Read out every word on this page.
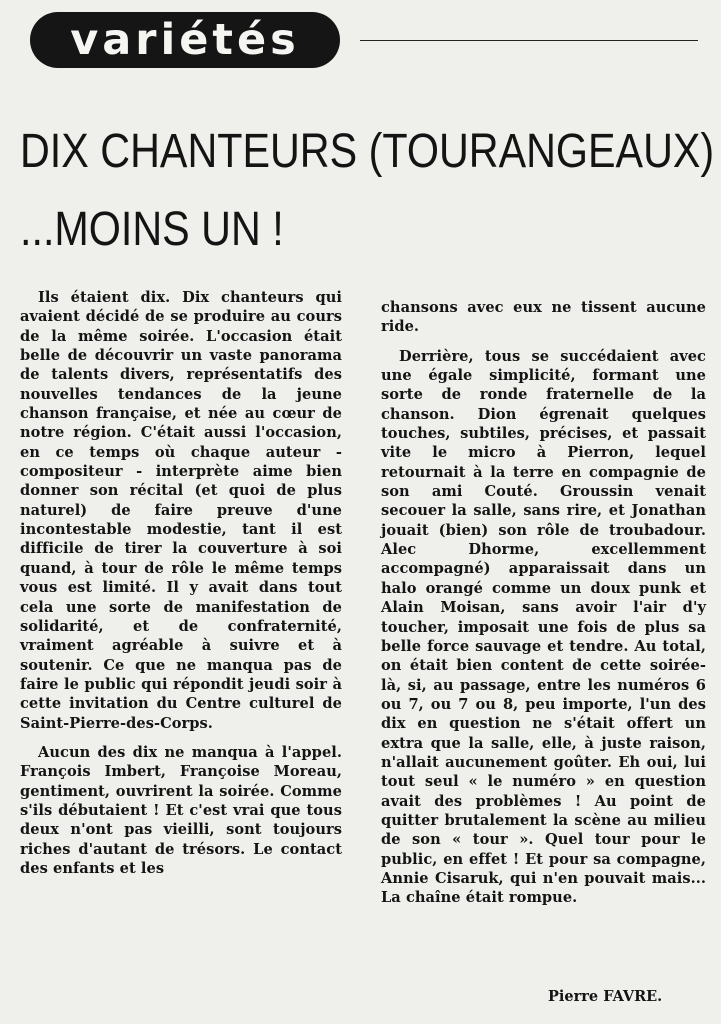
variétés
DIX CHANTEURS (TOURANGEAUX)
...MOINS UN !

Ils étaient dix. Dix chanteurs qui avaient décidé de se produire au cours de la même soirée. L'occasion était belle de découvrir un vaste panorama de talents divers, représentatifs des nouvelles tendances de la jeune chanson française, et née au cœur de notre région. C'était aussi l'occasion, en ce temps où chaque auteur - compositeur - interprète aime bien donner son récital (et quoi de plus naturel) de faire preuve d'une incontestable modestie, tant il est difficile de tirer la couverture à soi quand, à tour de rôle le même temps vous est limité. Il y avait dans tout cela une sorte de manifestation de solidarité, et de confraternité, vraiment agréable à suivre et à soutenir. Ce que ne manqua pas de faire le public qui répondit jeudi soir à cette invitation du Centre culturel de Saint-Pierre-des-Corps.

Aucun des dix ne manqua à l'appel. François Imbert, Françoise Moreau, gentiment, ouvrirent la soirée. Comme s'ils débutaient ! Et c'est vrai que tous deux n'ont pas vieilli, sont toujours riches d'autant de trésors. Le contact des enfants et les

chansons avec eux ne tissent aucune ride.

Derrière, tous se succédaient avec une égale simplicité, formant une sorte de ronde fraternelle de la chanson. Dion égrenait quelques touches, subtiles, précises, et passait vite le micro à Pierron, lequel retournait à la terre en compagnie de son ami Couté. Groussin venait secouer la salle, sans rire, et Jonathan jouait (bien) son rôle de troubadour. Alec Dhorme, excellemment accompagné) apparaissait dans un halo orangé comme un doux punk et Alain Moisan, sans avoir l'air d'y toucher, imposait une fois de plus sa belle force sauvage et tendre. Au total, on était bien content de cette soirée-là, si, au passage, entre les numéros 6 ou 7, ou 7 ou 8, peu importe, l'un des dix en question ne s'était offert un extra que la salle, elle, à juste raison, n'allait aucunement goûter. Eh oui, lui tout seul « le numéro » en question avait des problèmes ! Au point de quitter brutalement la scène au milieu de son « tour ». Quel tour pour le public, en effet ! Et pour sa compagne, Annie Cisaruk, qui n'en pouvait mais... La chaîne était rompue.

Pierre FAVRE.
